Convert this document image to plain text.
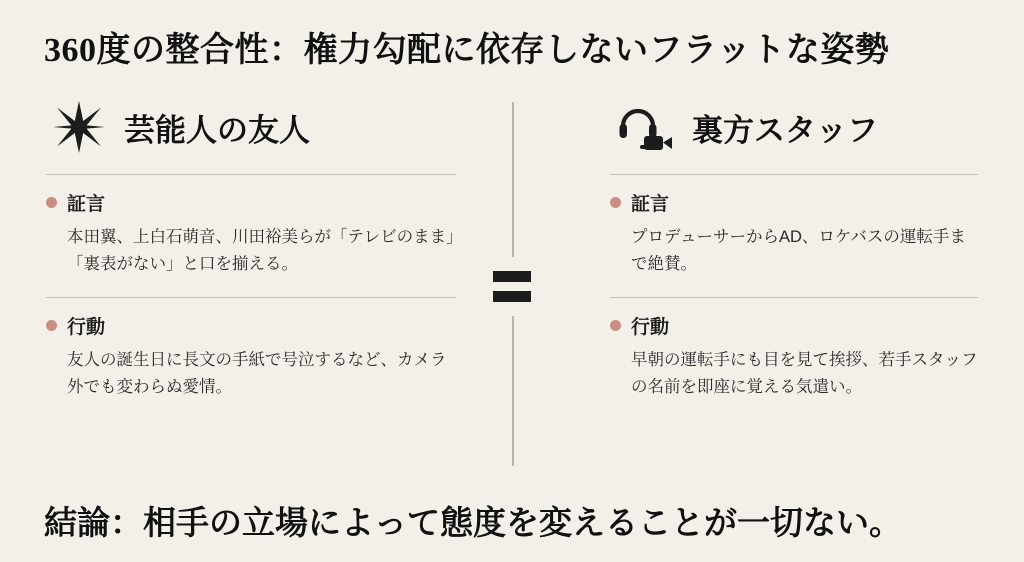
360度の整合性：権力勾配に依存しないフラットな姿勢
芸能人の友人
証言
本田翼、上白石萌音、川田裕美らが「テレビのまま」「裏表がない」と口を揃える。
行動
友人の誕生日に長文の手紙で号泣するなど、カメラ外でも変わらぬ愛情。
裏方スタッフ
証言
プロデューサーからAD、ロケバスの運転手まで絶賛。
行動
早朝の運転手にも目を見て挨拶、若手スタッフの名前を即座に覚える気遣い。
結論：相手の立場によって態度を変えることが一切ない。
